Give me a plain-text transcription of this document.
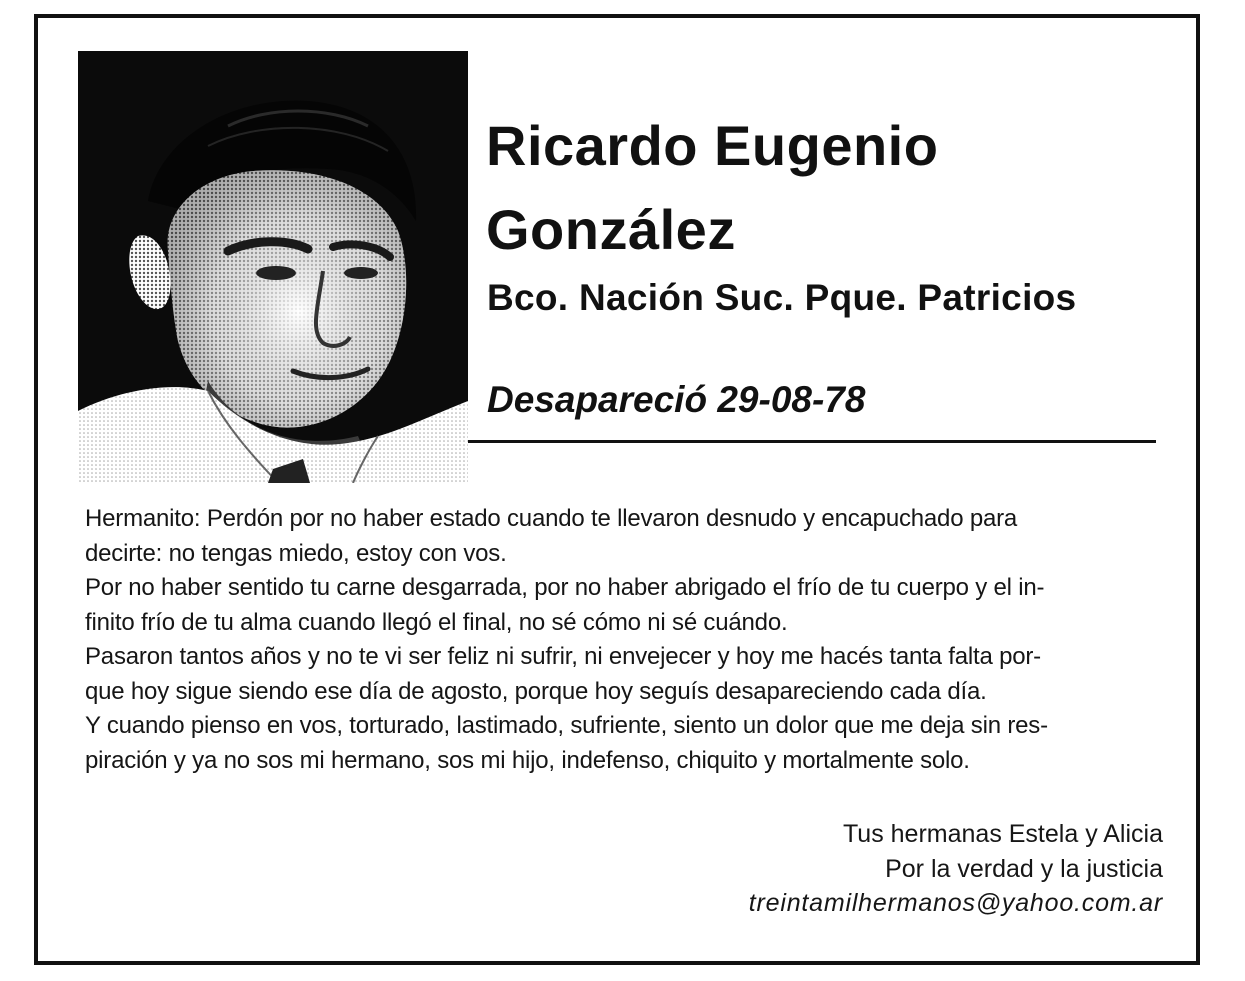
Ricardo Eugenio
González
Bco. Nación Suc. Pque. Patricios
Desapareció 29-08-78
Hermanito: Perdón por no haber estado cuando te llevaron desnudo y encapuchado para
decirte: no tengas miedo, estoy con vos.
Por no haber sentido tu carne desgarrada, por no haber abrigado el frío de tu cuerpo y el in-
finito frío de tu alma cuando llegó el final, no sé cómo ni sé cuándo.
Pasaron tantos años y no te vi ser feliz ni sufrir, ni envejecer y hoy me hacés tanta falta por-
que hoy sigue siendo ese día de agosto, porque hoy seguís desapareciendo cada día.
Y cuando pienso en vos, torturado, lastimado, sufriente, siento un dolor que me deja sin res-
piración y ya no sos mi hermano, sos mi hijo, indefenso, chiquito y mortalmente solo.
Tus hermanas Estela y Alicia
Por la verdad y la justicia
treintamilhermanos@yahoo.com.ar
